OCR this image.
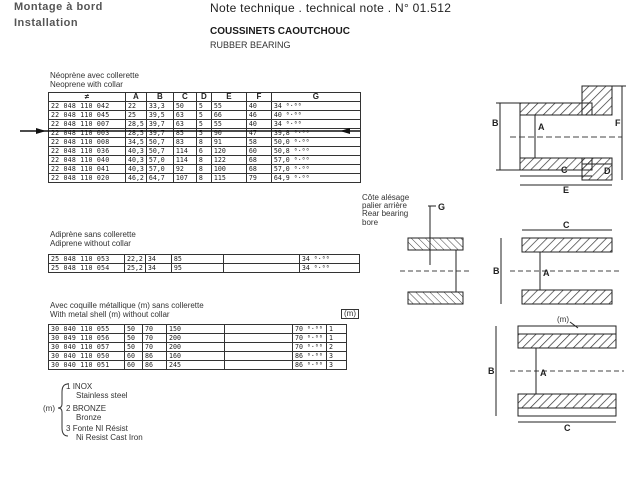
Montage à bord
Installation
Note technique . technical note . N° 01.512
COUSSINETS CAOUTCHOUC
RUBBER BEARING
Néoprène avec collerette
Neoprene with collar
≠	A	B	C	D	E	F	G
22 048 110 042	22	33,3	50	5	55	40	34 ⁰·⁰⁰
22 048 110 045	25	39,5	63	5	66	46	40 ⁰·⁰⁰
22 048 110 007	28,5	39,7	63	5	55	40	34 ⁰·⁰⁰
22 048 110 003	28,5	39,7	85	5	90	47	39,8 ⁰·⁰⁰
22 048 110 008	34,5	50,7	83	8	91	58	50,0 ⁰·⁰⁰
22 048 110 036	40,3	50,7	114	6	120	60	50,8 ⁰·⁰⁰
22 048 110 040	40,3	57,0	114	8	122	68	57,0 ⁰·⁰⁰
22 048 110 041	40,3	57,0	92	8	100	68	57,0 ⁰·⁰⁰
22 048 110 020	46,2	64,7	107	8	115	79	64,9 ⁰·⁰⁰
Adiprène sans collerette
Adiprene without collar
25 048 110 053	22,2	34	85		34 ⁰·⁰⁰
25 048 110 054	25,2	34	95		34 ⁰·⁰⁰
Avec coquille métallique (m) sans collerette
With metal shell (m) without collar	(m)
30 040 110 055	50	70	150		70 ⁰·⁰⁰	1
30 049 110 056	50	70	200		70 ⁰·⁰⁰	1
30 040 110 057	50	70	200		70 ⁰·⁰⁰	2
30 040 110 050	60	86	160		86 ⁰·⁰⁰	3
30 040 110 051	60	86	245		86 ⁰·⁰⁰	3
(m)
1 INOX
Stainless steel
2 BRONZE
Bronze
3 Fonte NI Résist
Ni Resist Cast Iron
B	A	F
C	D
E
Côte alésage
palier arrière
Rear bearing
bore
G
C
B	A
(m)
C
B	A
